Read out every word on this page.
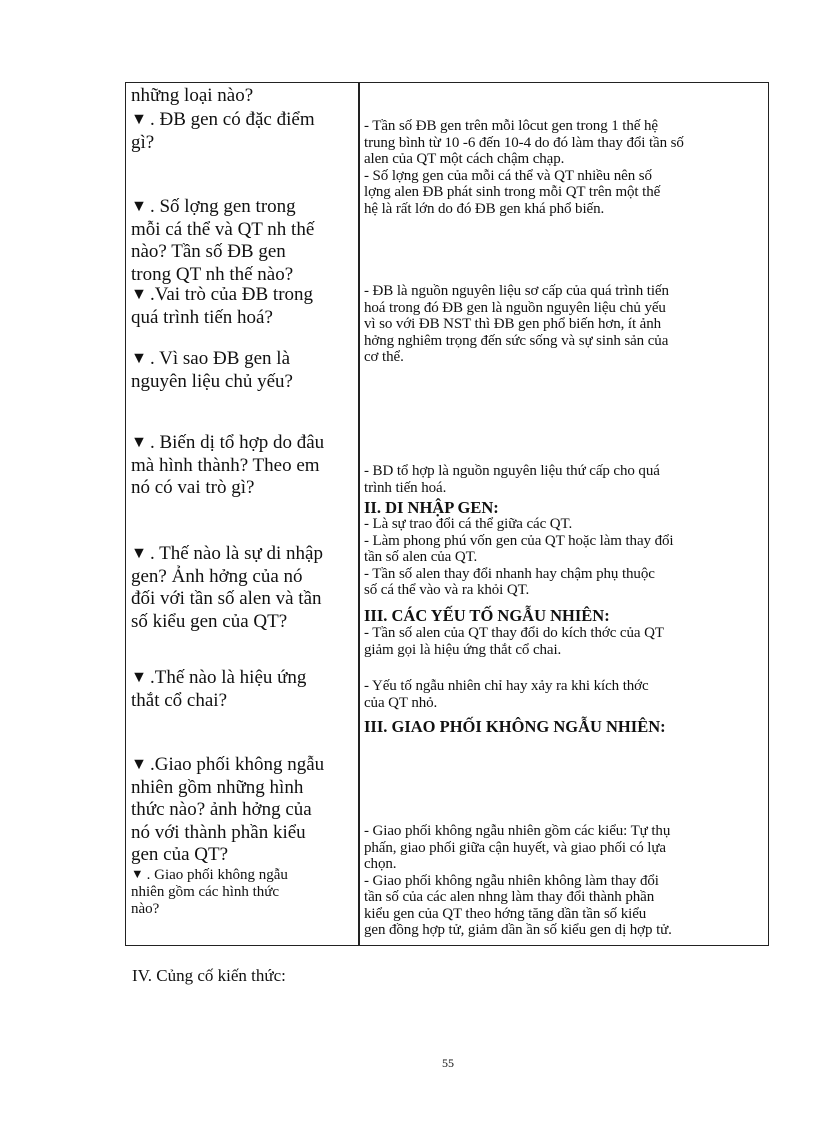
những loại nào?
▼ . ĐB gen có đặc điểm
gì?
▼ . Số lợng gen trong
mỗi cá thể và QT nh thế
nào? Tần số ĐB gen
trong QT nh thế nào?
▼ .Vai trò của ĐB trong
quá trình tiến hoá?
▼ . Vì sao ĐB gen là
nguyên liệu chủ yếu?
▼ . Biến dị tổ hợp do đâu
mà hình thành? Theo em
nó có vai trò gì?
▼ . Thế nào là sự di nhập
gen? Ảnh hởng của nó
đối với tần số alen và tần
số kiểu gen của QT?
▼ .Thế nào là hiệu ứng
thắt cổ chai?
▼ .Giao phối không ngẫu
nhiên gồm những hình
thức nào? ảnh hởng của
nó với thành phần kiểu
gen của QT?
▼ . Giao phối không ngẫu
nhiên gồm các hình thức
nào?
- Tần số ĐB gen trên mỗi lôcut gen trong 1 thế hệ
trung bình từ 10 -6 đến 10-4 do đó làm thay đổi tần số
alen của QT một cách chậm chạp.
- Số lợng gen của mỗi cá thể và QT nhiều nên số
lợng alen ĐB phát sinh trong mỗi QT trên một thế
hệ là rất lớn do đó ĐB gen khá phổ biến.
- ĐB là nguồn nguyên liệu sơ cấp của quá trình tiến
hoá trong đó ĐB gen là nguồn nguyên liệu chủ yếu
vì so với ĐB NST thì ĐB gen phổ biến hơn, ít ảnh
hởng nghiêm trọng đến sức sống và sự sinh sản của
cơ thể.
- BD tổ hợp là nguồn nguyên liệu thứ cấp cho quá
trình tiến hoá.
II. DI NHẬP GEN:
- Là sự trao đổi cá thể giữa các QT.
- Làm phong phú vốn gen của QT hoặc làm thay đổi
tần số alen của QT.
- Tần số alen thay đổi nhanh hay chậm phụ thuộc
số cá thể vào và ra khỏi QT.
III. CÁC YẾU TỐ NGẪU NHIÊN:
- Tần số alen của QT thay đổi do kích thớc của QT
giảm gọi là hiệu ứng thắt cổ chai.
- Yếu tố ngẫu nhiên chỉ hay xảy ra khi kích thớc
của QT nhỏ.
III. GIAO PHỐI KHÔNG NGẪU NHIÊN:
- Giao phối không ngẫu nhiên gồm các kiểu: Tự thụ
phấn, giao phối giữa cận huyết, và giao phối có lựa
chọn.
- Giao phối không ngẫu nhiên không làm thay đổi
tần số của các alen nhng làm thay đổi thành phần
kiểu gen của QT theo hớng tăng dần tần số kiểu
gen đồng hợp tử, giảm dần ần số kiểu gen dị hợp tử.
IV. Củng cố kiến thức:
55
